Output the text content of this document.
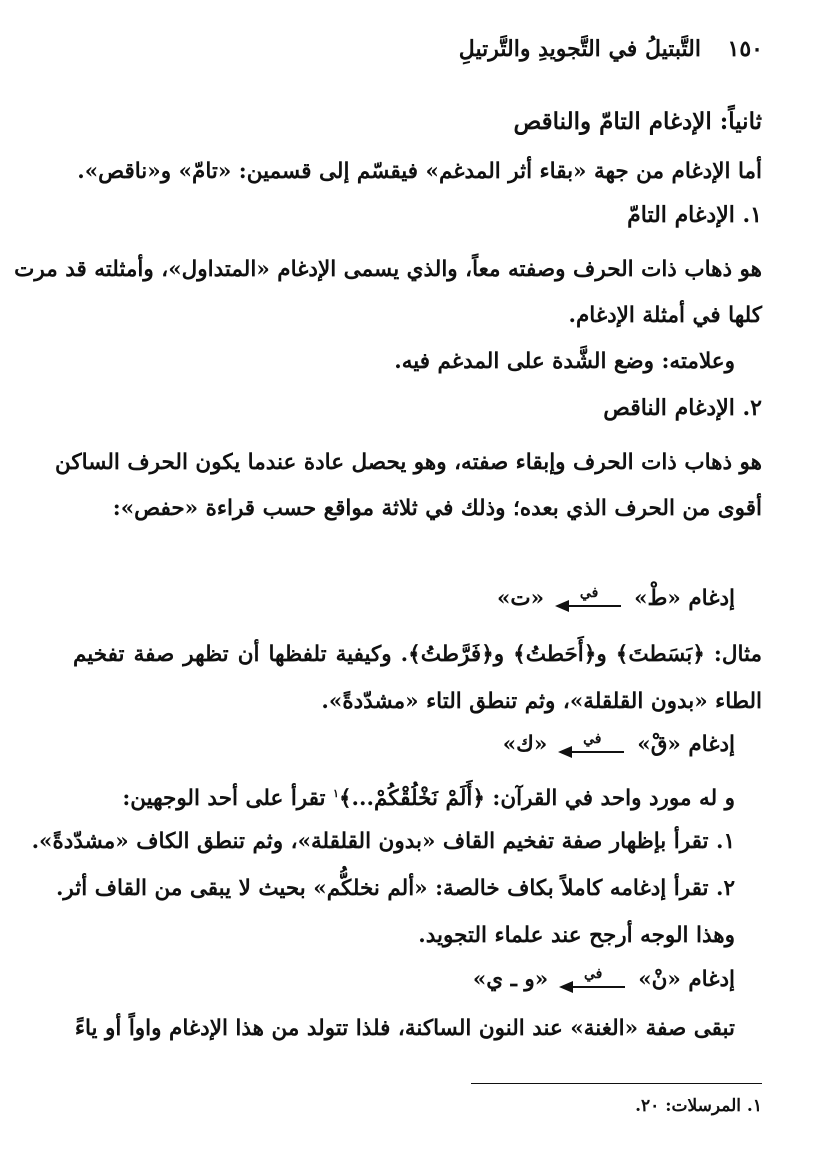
١٥٠
التَّبتيلُ في التَّجويدِ والتَّرتيلِ
ثانياً: الإدغام التامّ والناقص
أما الإدغام من جهة «بقاء أثر المدغم» فيقسّم إلى قسمين: «تامّ» و«ناقص».
١. الإدغام التامّ
هو ذهاب ذات الحرف وصفته معاً، والذي يسمى الإدغام «المتداول»، وأمثلته قد مرت
كلها في أمثلة الإدغام.
وعلامته: وضع الشَّدة على المدغم فيه.
٢. الإدغام الناقص
هو ذهاب ذات الحرف وإبقاء صفته، وهو يحصل عادة عندما يكون الحرف الساكن
أقوى من الحرف الذي بعده؛ وذلك في ثلاثة مواقع حسب قراءة «حفص»:
إدغام «طْ»
في
«ت»
مثال: ﴿بَسَطتَ﴾ و﴿أَحَطتُ﴾ و﴿فَرَّطتُ﴾. وكيفية تلفظها أن تظهر صفة تفخيم
الطاء «بدون القلقلة»، وثم تنطق التاء «مشدّدةً».
إدغام «قْ»
في
«ك»
و له مورد واحد في القرآن: ﴿أَلَمْ نَخْلُقْكُمْ...﴾$^١$ تقرأ على أحد الوجهين:
١. تقرأ بإظهار صفة تفخيم القاف «بدون القلقلة»، وثم تنطق الكاف «مشدّدةً».
٢. تقرأ إدغامه كاملاً بكاف خالصة: «ألم نخلكُّم» بحيث لا يبقى من القاف أثر.
وهذا الوجه أرجح عند علماء التجويد.
إدغام «نْ»
في
«و ـ ي»
تبقى صفة «الغنة» عند النون الساكنة، فلذا تتولد من هذا الإدغام واواً أو ياءً
١. المرسلات: ٢٠.
